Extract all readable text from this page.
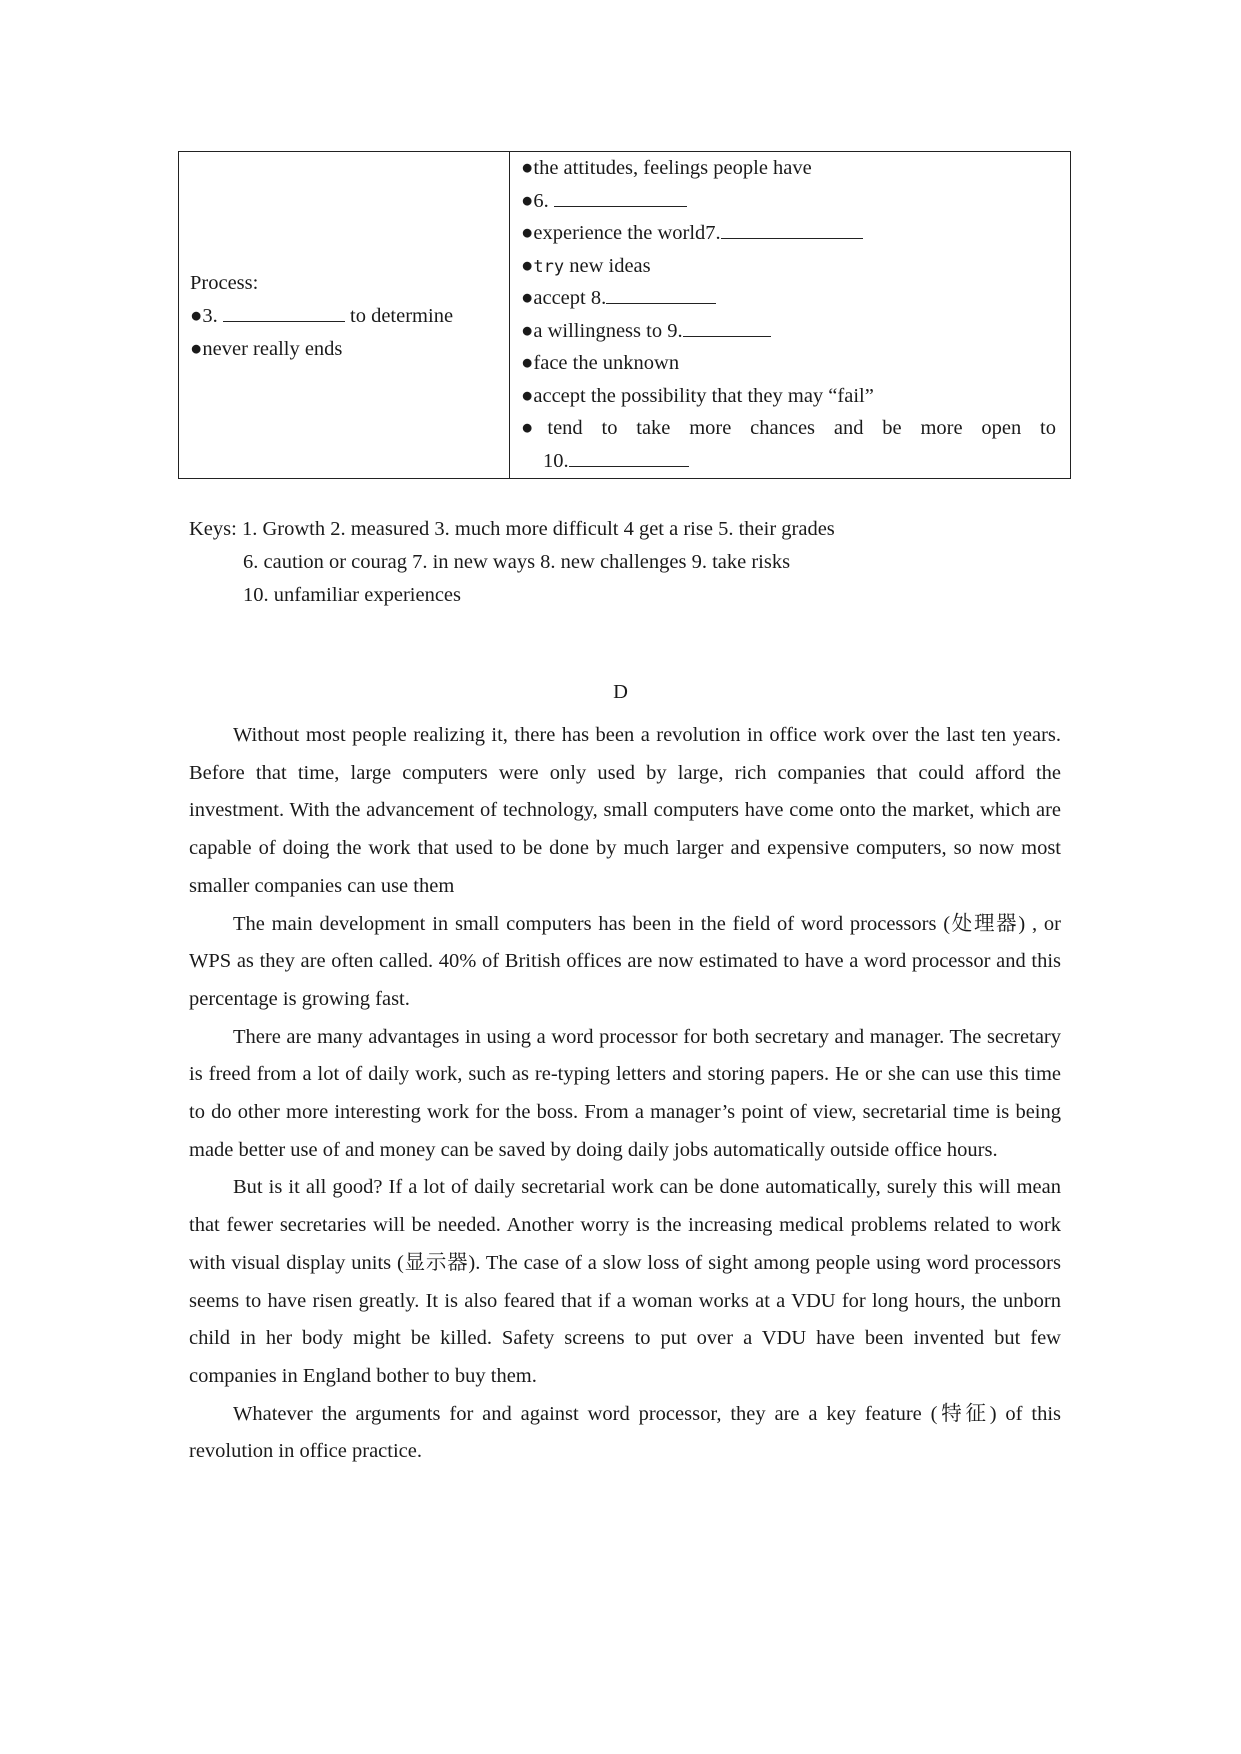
Process:
●3.	to determine
●never really ends
●the attitudes, feelings people have
●6.
●experience the world7.
●try new ideas
●accept 8.
●a willingness to 9.
●face the unknown
●accept the possibility that they may “fail”
● tend to take more chances and be more open to
10.
Keys: 1. Growth 2. measured 3. much more difficult 4 get a rise 5. their grades
6. caution or courag 7. in new ways 8. new challenges 9. take risks
10. unfamiliar experiences
D

Without most people realizing it, there has been a revolution in office work over the last ten years. Before that time, large computers were only used by large, rich companies that could afford the investment. With the advancement of technology, small computers have come onto the market, which are capable of doing the work that used to be done by much larger and expensive computers, so now most smaller companies can use them

The main development in small computers has been in the field of word processors (处理器) , or WPS as they are often called. 40% of British offices are now estimated to have a word processor and this percentage is growing fast.

There are many advantages in using a word processor for both secretary and manager. The secretary is freed from a lot of daily work, such as re-typing letters and storing papers. He or she can use this time to do other more interesting work for the boss. From a manager’s point of view, secretarial time is being made better use of and money can be saved by doing daily jobs automatically outside office hours.

But is it all good? If a lot of daily secretarial work can be done automatically, surely this will mean that fewer secretaries will be needed. Another worry is the increasing medical problems related to work with visual display units (显示器). The case of a slow loss of sight among people using word processors seems to have risen greatly. It is also feared that if a woman works at a VDU for long hours, the unborn child in her body might be killed. Safety screens to put over a VDU have been invented but few companies in England bother to buy them.

Whatever the arguments for and against word processor, they are a key feature (特征) of this revolution in office practice.
